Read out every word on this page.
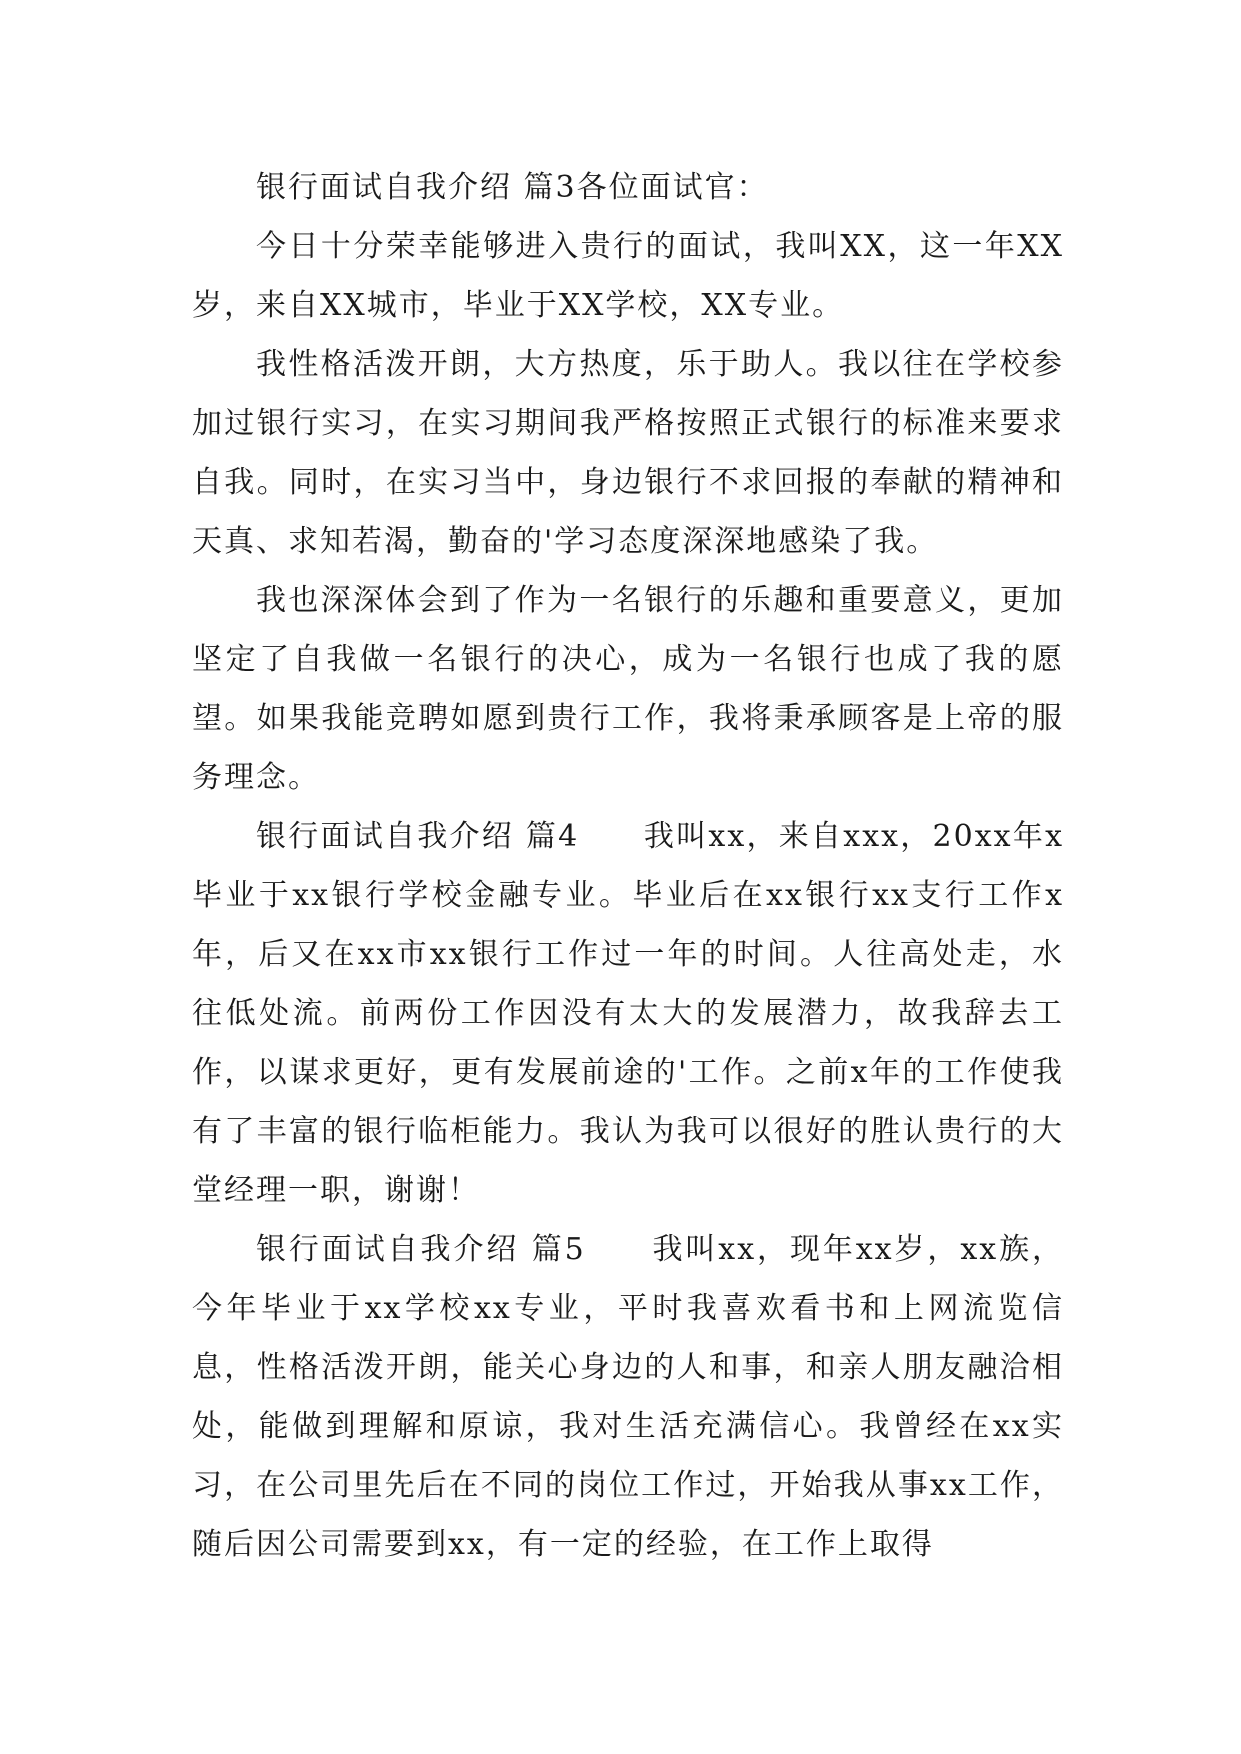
银行面试自我介绍 篇3各位面试官：

今日十分荣幸能够进入贵行的面试，我叫XX，这一年XX岁，来自XX城市，毕业于XX学校，XX专业。

我性格活泼开朗，大方热度，乐于助人。我以往在学校参加过银行实习，在实习期间我严格按照正式银行的标准来要求自我。同时，在实习当中，身边银行不求回报的奉献的精神和天真、求知若渴，勤奋的'学习态度深深地感染了我。

我也深深体会到了作为一名银行的乐趣和重要意义，更加坚定了自我做一名银行的决心，成为一名银行也成了我的愿望。如果我能竞聘如愿到贵行工作，我将秉承顾客是上帝的服务理念。

银行面试自我介绍 篇4　　我叫xx，来自xxx，20xx年x毕业于xx银行学校金融专业。毕业后在xx银行xx支行工作x年，后又在xx市xx银行工作过一年的时间。人往高处走，水往低处流。前两份工作因没有太大的发展潜力，故我辞去工作，以谋求更好，更有发展前途的'工作。之前x年的工作使我有了丰富的银行临柜能力。我认为我可以很好的胜认贵行的大堂经理一职，谢谢！

银行面试自我介绍 篇5　　我叫xx，现年xx岁，xx族，今年毕业于xx学校xx专业，平时我喜欢看书和上网流览信息，性格活泼开朗，能关心身边的人和事，和亲人朋友融洽相处，能做到理解和原谅，我对生活充满信心。我曾经在xx实习，在公司里先后在不同的岗位工作过，开始我从事xx工作，随后因公司需要到xx，有一定的经验，在工作上取得
